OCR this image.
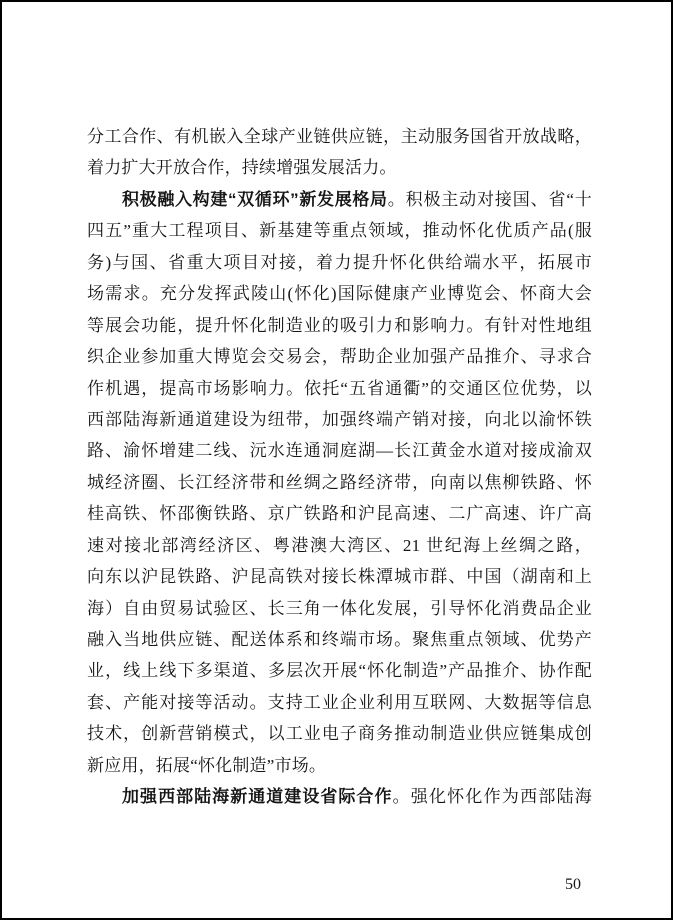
分工合作、有机嵌入全球产业链供应链，主动服务国省开放战略，
着力扩大开放合作，持续增强发展活力。
积极融入构建“双循环”新发展格局。积极主动对接国、省“十
四五”重大工程项目、新基建等重点领域，推动怀化优质产品(服
务)与国、省重大项目对接，着力提升怀化供给端水平，拓展市
场需求。充分发挥武陵山(怀化)国际健康产业博览会、怀商大会
等展会功能，提升怀化制造业的吸引力和影响力。有针对性地组
织企业参加重大博览会交易会，帮助企业加强产品推介、寻求合
作机遇，提高市场影响力。依托“五省通衢”的交通区位优势，以
西部陆海新通道建设为纽带，加强终端产销对接，向北以渝怀铁
路、渝怀增建二线、沅水连通洞庭湖—长江黄金水道对接成渝双
城经济圈、长江经济带和丝绸之路经济带，向南以焦柳铁路、怀
桂高铁、怀邵衡铁路、京广铁路和沪昆高速、二广高速、许广高
速对接北部湾经济区、粤港澳大湾区、21 世纪海上丝绸之路，
向东以沪昆铁路、沪昆高铁对接长株潭城市群、中国（湖南和上
海）自由贸易试验区、长三角一体化发展，引导怀化消费品企业
融入当地供应链、配送体系和终端市场。聚焦重点领域、优势产
业，线上线下多渠道、多层次开展“怀化制造”产品推介、协作配
套、产能对接等活动。支持工业企业利用互联网、大数据等信息
技术，创新营销模式，以工业电子商务推动制造业供应链集成创
新应用，拓展“怀化制造”市场。
加强西部陆海新通道建设省际合作。强化怀化作为西部陆海
50
